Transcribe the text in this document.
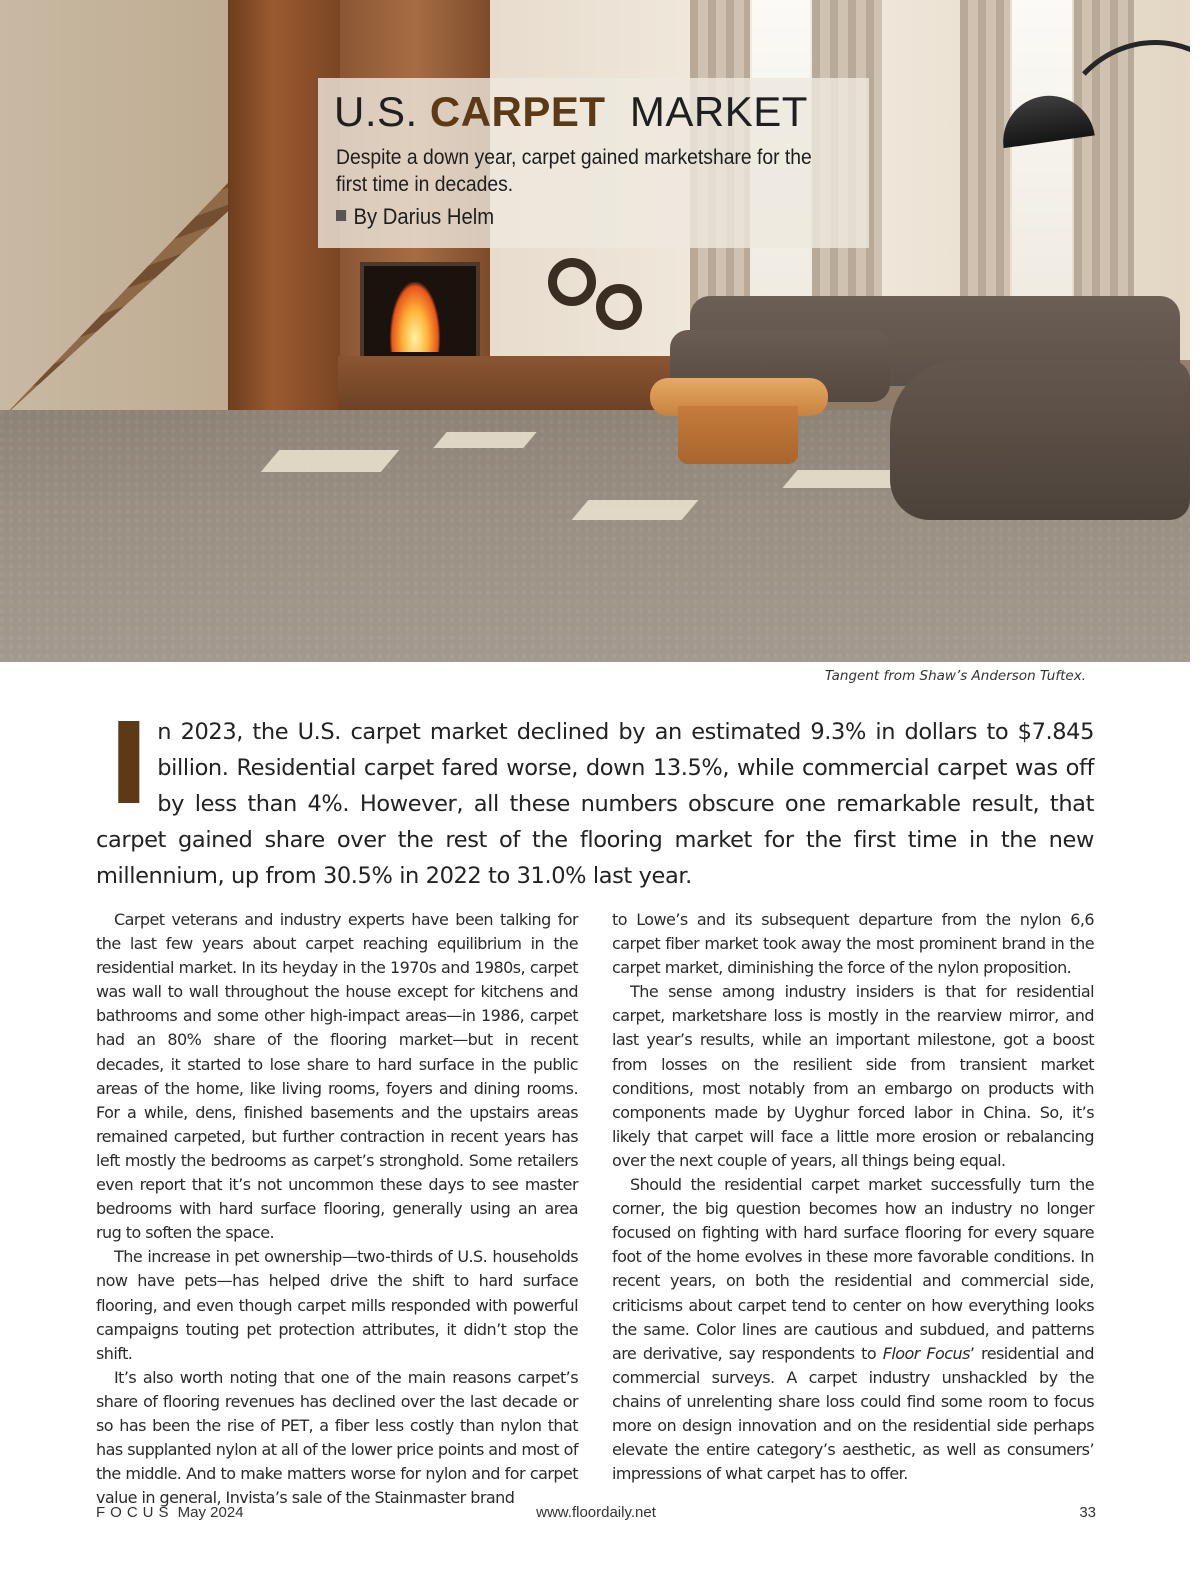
U.S. CARPET MARKET

Despite a down year, carpet gained marketshare for the first time in decades.

By Darius Helm

Tangent from Shaw’s Anderson Tuftex.

In 2023, the U.S. carpet market declined by an estimated 9.3% in dollars to $7.845 billion. Residential carpet fared worse, down 13.5%, while commercial carpet was off by less than 4%. However, all these numbers obscure one remarkable result, that carpet gained share over the rest of the flooring market for the first time in the new millennium, up from 30.5% in 2022 to 31.0% last year.

Carpet veterans and industry experts have been talking for the last few years about carpet reaching equilibrium in the residential market. In its heyday in the 1970s and 1980s, carpet was wall to wall throughout the house except for kitchens and bathrooms and some other high-impact areas—in 1986, carpet had an 80% share of the flooring market—but in recent decades, it started to lose share to hard surface in the public areas of the home, like living rooms, foyers and dining rooms. For a while, dens, finished basements and the upstairs areas remained carpeted, but further contraction in recent years has left mostly the bedrooms as carpet’s stronghold. Some retailers even report that it’s not uncommon these days to see master bedrooms with hard surface flooring, generally using an area rug to soften the space.

The increase in pet ownership—two-thirds of U.S. households now have pets—has helped drive the shift to hard surface flooring, and even though carpet mills responded with powerful campaigns touting pet protection attributes, it didn’t stop the shift.

It’s also worth noting that one of the main reasons carpet’s share of flooring revenues has declined over the last decade or so has been the rise of PET, a fiber less costly than nylon that has supplanted nylon at all of the lower price points and most of the middle. And to make matters worse for nylon and for carpet value in general, Invista’s sale of the Stainmaster brand

to Lowe’s and its subsequent departure from the nylon 6,6 carpet fiber market took away the most prominent brand in the carpet market, diminishing the force of the nylon proposition.

The sense among industry insiders is that for residential carpet, marketshare loss is mostly in the rearview mirror, and last year’s results, while an important milestone, got a boost from losses on the resilient side from transient market conditions, most notably from an embargo on products with components made by Uyghur forced labor in China. So, it’s likely that carpet will face a little more erosion or rebalancing over the next couple of years, all things being equal.

Should the residential carpet market successfully turn the corner, the big question becomes how an industry no longer focused on fighting with hard surface flooring for every square foot of the home evolves in these more favorable conditions. In recent years, on both the residential and commercial side, criticisms about carpet tend to center on how everything looks the same. Color lines are cautious and subdued, and patterns are derivative, say respondents to Floor Focus’ residential and commercial surveys. A carpet industry unshackled by the chains of unrelenting share loss could find some room to focus more on design innovation and on the residential side perhaps elevate the entire category’s aesthetic, as well as consumers’ impressions of what carpet has to offer.

FOCUS May 2024	www.floordaily.net	33
